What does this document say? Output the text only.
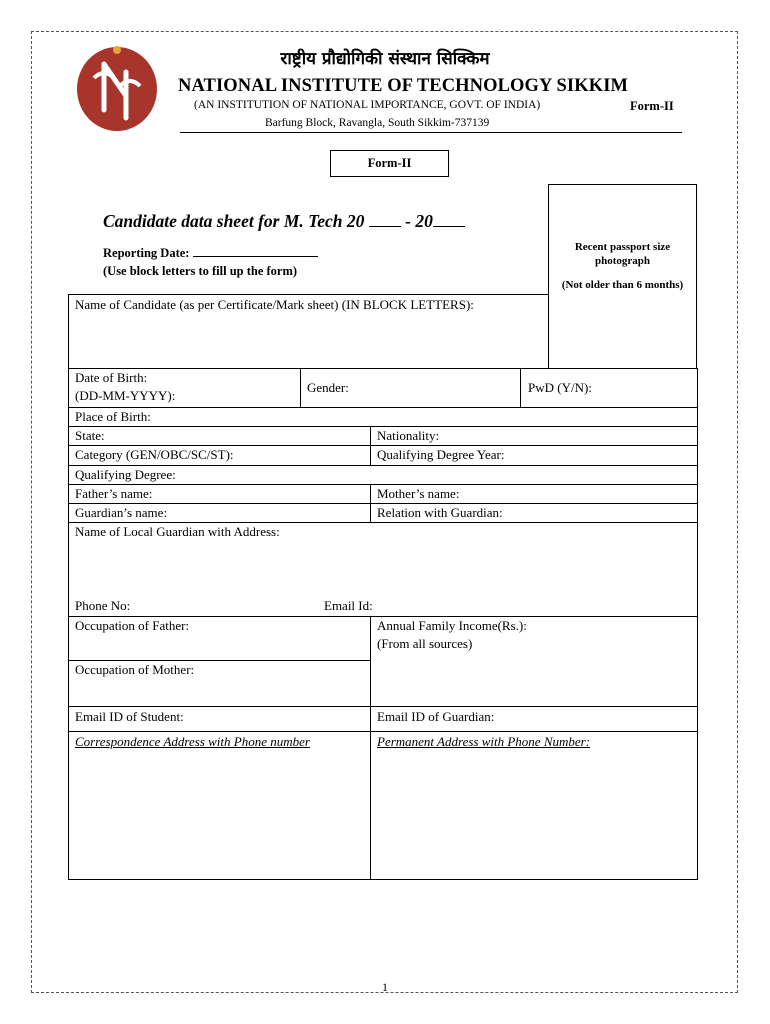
राष्ट्रीय प्रौद्योगिकी संस्थान सिक्किम
NATIONAL INSTITUTE OF TECHNOLOGY SIKKIM
(AN INSTITUTION OF NATIONAL IMPORTANCE, GOVT. OF INDIA)	Form-II
Barfung Block, Ravangla, South Sikkim-737139
Form-II
Candidate data sheet for M. Tech 20 - 20
Reporting Date:
(Use block letters to fill up the form)
Recent passport size
photograph
(Not older than 6 months)
Name of Candidate (as per Certificate/Mark sheet) (IN BLOCK LETTERS):
Date of Birth:
(DD-MM-YYYY):
Gender:	PwD (Y/N):
Place of Birth:
State:	Nationality:
Category (GEN/OBC/SC/ST):	Qualifying Degree Year:
Qualifying Degree:
Father’s name:	Mother’s name:
Guardian’s name:	Relation with Guardian:
Name of Local Guardian with Address:
Phone No:	Email Id:
Occupation of Father:	Annual Family Income(Rs.):
(From all sources)
Occupation of Mother:
Email ID of Student:	Email ID of Guardian:
Correspondence Address with Phone number	Permanent Address with Phone Number:
1
